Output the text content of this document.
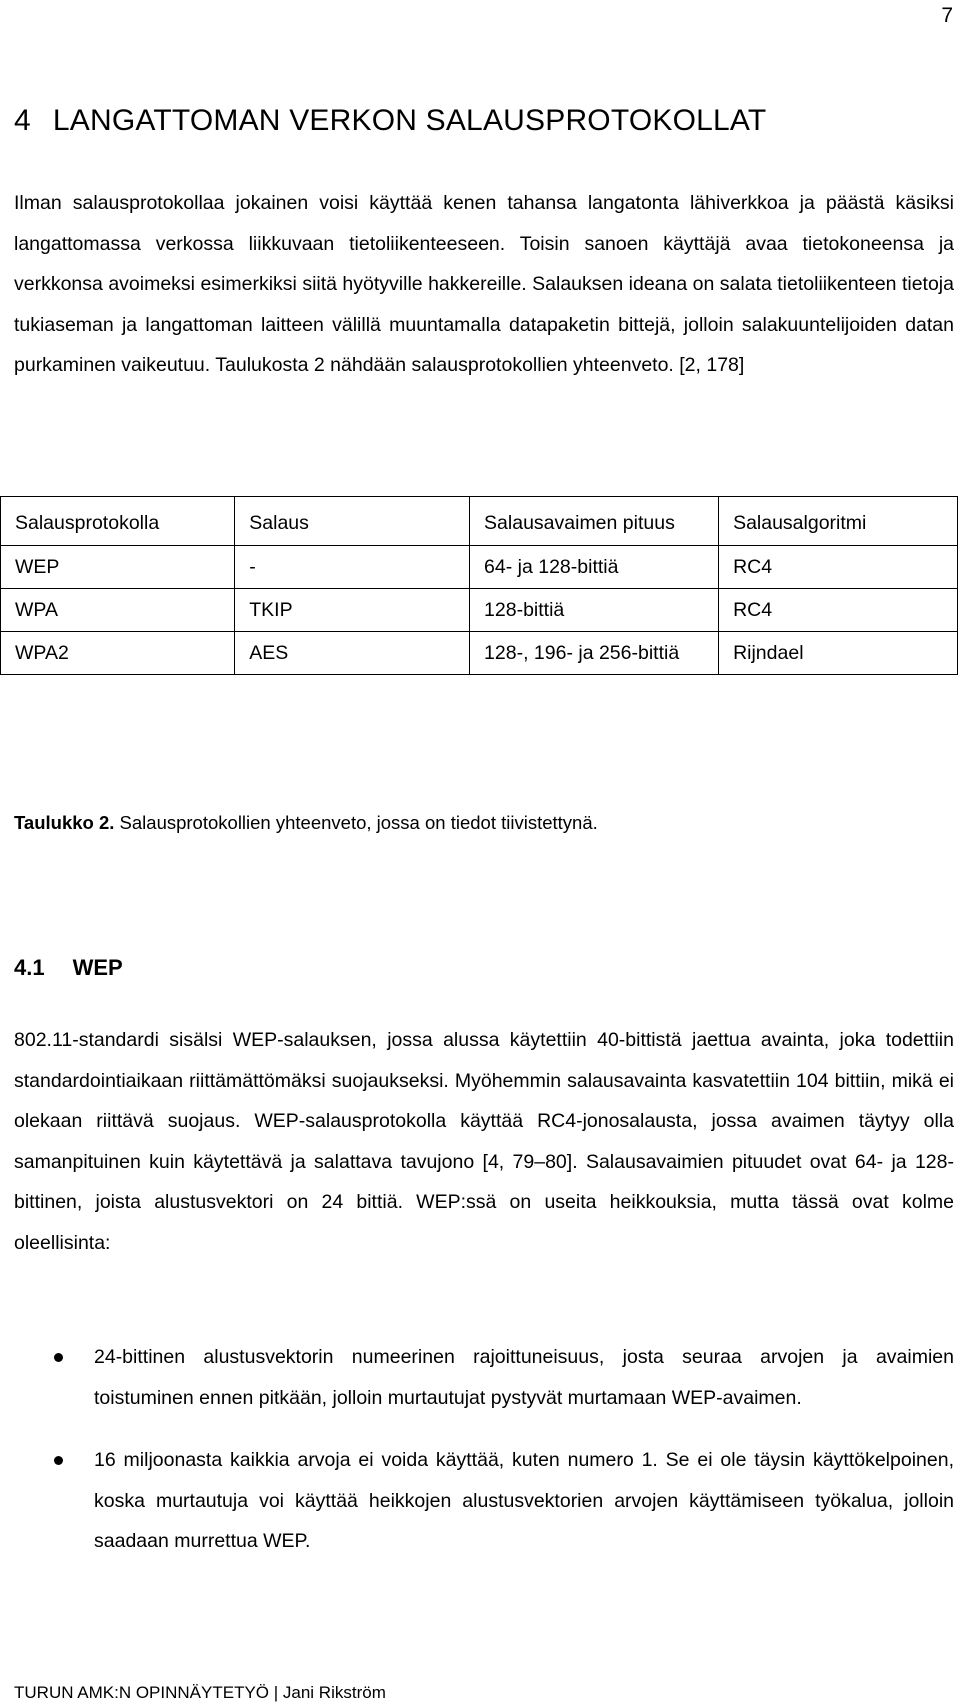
7
4 LANGATTOMAN VERKON SALAUSPROTOKOLLAT

Ilman salausprotokollaa jokainen voisi käyttää kenen tahansa langatonta lähiverkkoa ja päästä käsiksi langattomassa verkossa liikkuvaan tietoliikenteeseen. Toisin sanoen käyttäjä avaa tietokoneensa ja verkkonsa avoimeksi esimerkiksi siitä hyötyville hakkereille. Salauksen ideana on salata tietoliikenteen tietoja tukiaseman ja langattoman laitteen välillä muuntamalla datapaketin bittejä, jolloin salakuuntelijoiden datan purkaminen vaikeutuu. Taulukosta 2 nähdään salausprotokollien yhteenveto. [2, 178]

Salausprotokolla	Salaus	Salausavaimen pituus	Salausalgoritmi
WEP	-	64- ja 128-bittiä	RC4
WPA	TKIP	128-bittiä	RC4
WPA2	AES	128-, 196- ja 256-bittiä	Rijndael

Taulukko 2. Salausprotokollien yhteenveto, jossa on tiedot tiivistettynä.

4.1 WEP

802.11-standardi sisälsi WEP-salauksen, jossa alussa käytettiin 40-bittistä jaettua avainta, joka todettiin standardointiaikaan riittämättömäksi suojaukseksi. Myöhemmin salausavainta kasvatettiin 104 bittiin, mikä ei olekaan riittävä suojaus. WEP-salausprotokolla käyttää RC4-jonosalausta, jossa avaimen täytyy olla samanpituinen kuin käytettävä ja salattava tavujono [4, 79–80]. Salausavaimien pituudet ovat 64- ja 128-bittinen, joista alustusvektori on 24 bittiä. WEP:ssä on useita heikkouksia, mutta tässä ovat kolme oleellisinta:

24-bittinen alustusvektorin numeerinen rajoittuneisuus, josta seuraa arvojen ja avaimien toistuminen ennen pitkään, jolloin murtautujat pystyvät murtamaan WEP-avaimen.
16 miljoonasta kaikkia arvoja ei voida käyttää, kuten numero 1. Se ei ole täysin käyttökelpoinen, koska murtautuja voi käyttää heikkojen alustusvektorien arvojen käyttämiseen työkalua, jolloin saadaan murrettua WEP.
TURUN AMK:N OPINNÄYTETYÖ | Jani Rikström
